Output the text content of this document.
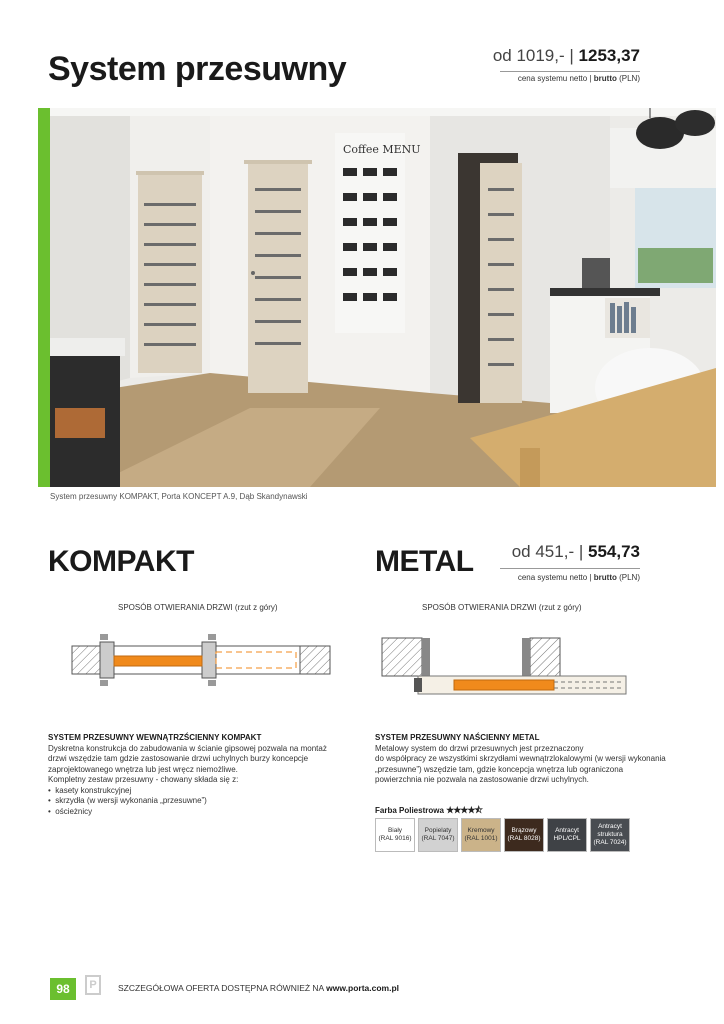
System przesuwny	od 1019,- | 1253,37
cena systemu netto | brutto (PLN)
Coffee MENU
System przesuwny KOMPAKT, Porta KONCEPT A.9, Dąb Skandynawski
KOMPAKT
SPOSÓB OTWIERANIA DRZWI (rzut z góry)
SYSTEM PRZESUWNY WEWNĄTRZŚCIENNY KOMPAKT
Dyskretna konstrukcja do zabudowania w ścianie gipsowej pozwala na montaż
drzwi wszędzie tam gdzie zastosowanie drzwi uchylnych burzy koncepcje
zaprojektowanego wnętrza lub jest wręcz niemożliwe.
Kompletny zestaw przesuwny - chowany składa się z:
•  kasety konstrukcyjnej
•  skrzydła (w wersji wykonania „przesuwne”)
•  ościeżnicy
METAL od 451,- | 554,73
cena systemu netto | brutto (PLN)
SPOSÓB OTWIERANIA DRZWI (rzut z góry)
SYSTEM PRZESUWNY NAŚCIENNY METAL
Metalowy system do drzwi przesuwnych jest przeznaczony
do współpracy ze wszystkimi skrzydłami wewnątrzlokalowymi (w wersji wykonania
„przesuwne”) wszędzie tam, gdzie koncepcja wnętrza lub ograniczona
powierzchnia nie pozwala na zastosowanie drzwi uchylnych.
Farba Poliestrowa ★★★★⯪
Biały
(RAL 9016)
Popielaty
(RAL 7047)
Kremowy
(RAL 1001)
Brązowy
(RAL 8028)
Antracyt
HPL/CPL
Antracyt
struktura
(RAL 7024)
98	P	SZCZEGÓŁOWA OFERTA DOSTĘPNA RÓWNIEŻ NA www.porta.com.pl
